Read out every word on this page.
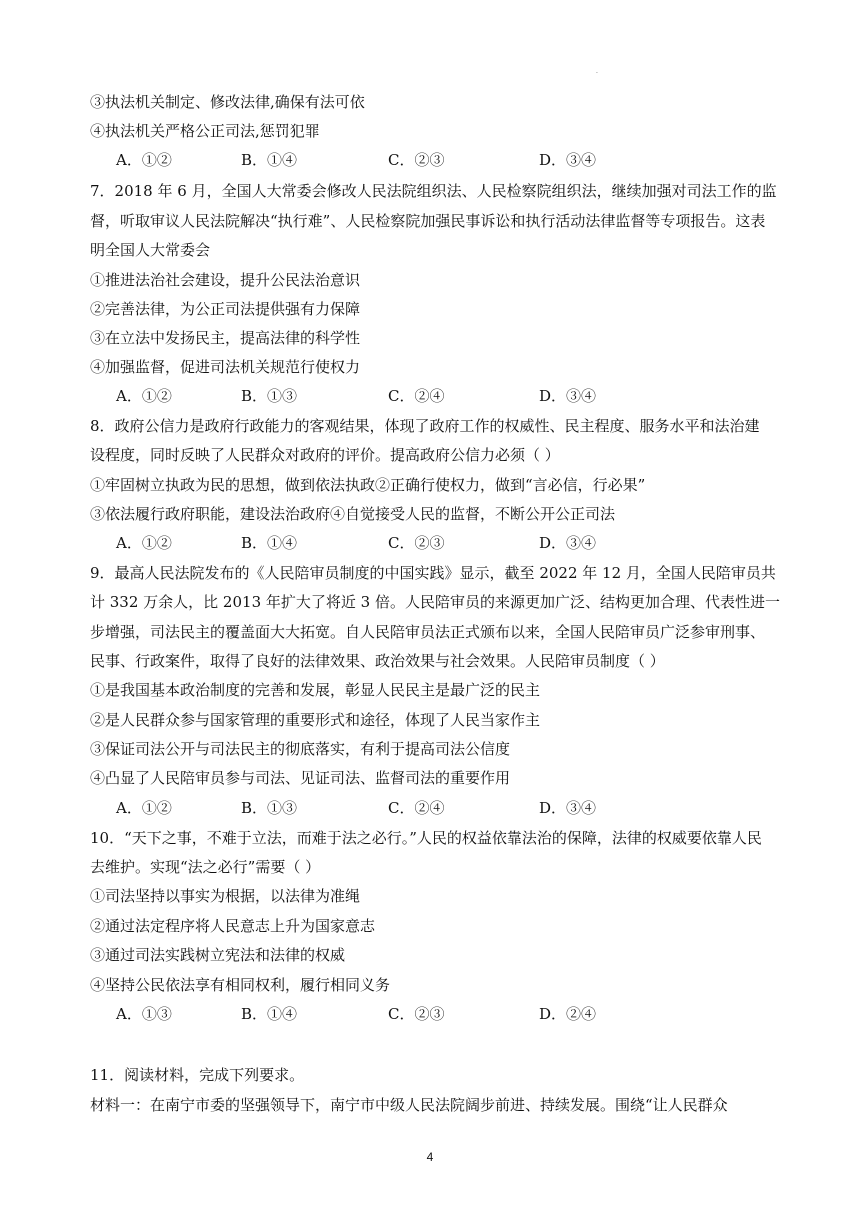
.
③执法机关制定、修改法律,确保有法可依
④执法机关严格公正司法,惩罚犯罪
7．2018 年 6 月，全国人大常委会修改人民法院组织法、人民检察院组织法，继续加强对司法工作的监
督，听取审议人民法院解决“执行难”、人民检察院加强民事诉讼和执行活动法律监督等专项报告。这表
明全国人大常委会
①推进法治社会建设，提升公民法治意识
②完善法律，为公正司法提供强有力保障
③在立法中发扬民主，提高法律的科学性
④加强监督，促进司法机关规范行使权力
8．政府公信力是政府行政能力的客观结果，体现了政府工作的权威性、民主程度、服务水平和法治建
设程度，同时反映了人民群众对政府的评价。提高政府公信力必须（ ）
①牢固树立执政为民的思想，做到依法执政②正确行使权力，做到“言必信，行必果”
③依法履行政府职能，建设法治政府④自觉接受人民的监督，不断公开公正司法
9．最高人民法院发布的《人民陪审员制度的中国实践》显示，截至 2022 年 12 月，全国人民陪审员共
计 332 万余人，比 2013 年扩大了将近 3 倍。人民陪审员的来源更加广泛、结构更加合理、代表性进一
步增强，司法民主的覆盖面大大拓宽。自人民陪审员法正式颁布以来，全国人民陪审员广泛参审刑事、
民事、行政案件，取得了良好的法律效果、政治效果与社会效果。人民陪审员制度（ ）
①是我国基本政治制度的完善和发展，彰显人民民主是最广泛的民主
②是人民群众参与国家管理的重要形式和途径，体现了人民当家作主
③保证司法公开与司法民主的彻底落实，有利于提高司法公信度
④凸显了人民陪审员参与司法、见证司法、监督司法的重要作用
10．“天下之事，不难于立法，而难于法之必行。”人民的权益依靠法治的保障，法律的权威要依靠人民
去维护。实现“法之必行”需要（ ）
①司法坚持以事实为根据，以法律为准绳
②通过法定程序将人民意志上升为国家意志
③通过司法实践树立宪法和法律的权威
④坚持公民依法享有相同权利，履行相同义务
11．阅读材料，完成下列要求。
材料一：在南宁市委的坚强领导下，南宁市中级人民法院阔步前进、持续发展。围绕“让人民群众
A．①②	B．①④	C．②③	D．③④
A．①②	B．①③	C．②④	D．③④
A．①②	B．①④	C．②③	D．③④
A．①②	B．①③	C．②④	D．③④
A．①③	B．①④	C．②③	D．②④
4
